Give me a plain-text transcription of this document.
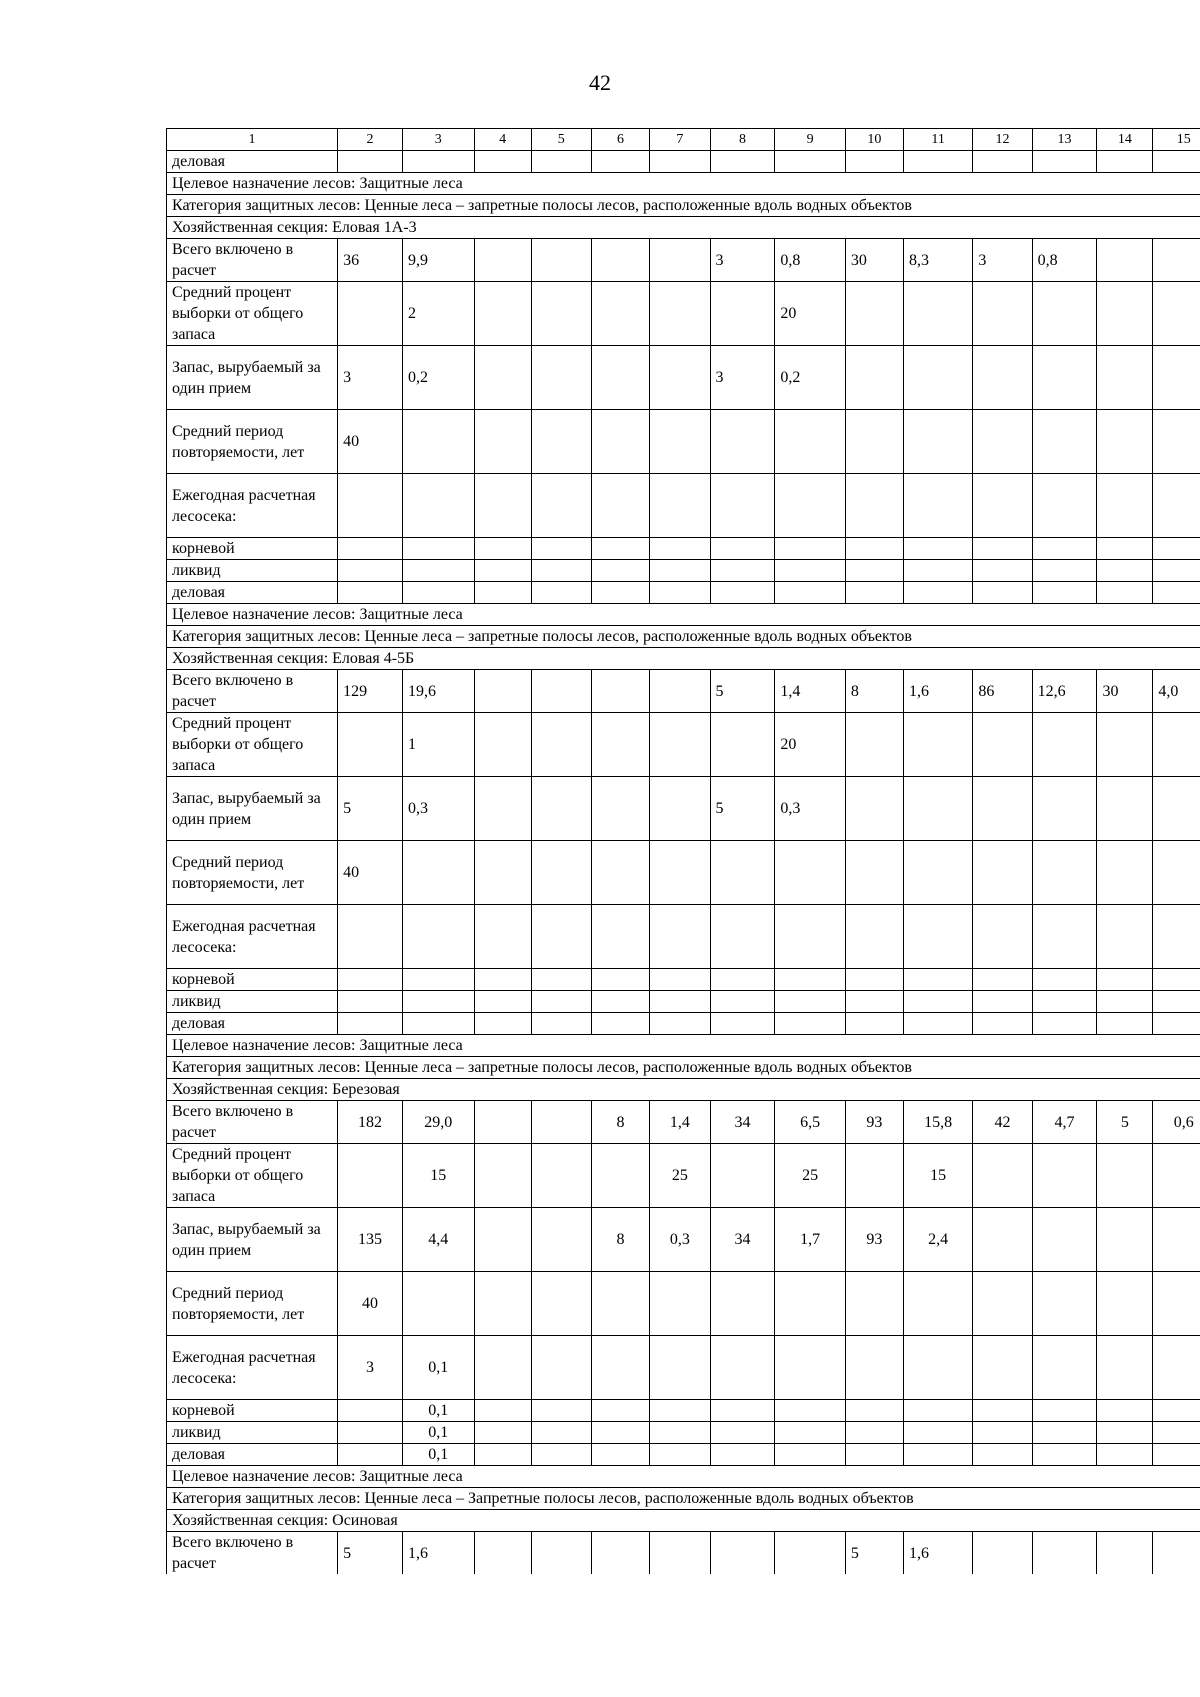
42
1	2	3	4	5	6	7	8	9	10	11	12	13	14	15
деловая														
Целевое назначение лесов: Защитные леса														
Категория защитных лесов: Ценные леса – запретные полосы лесов, расположенные вдоль водных объектов														
Хозяйственная секция: Еловая 1А-3														
Всего включено в расчет	36	9,9					3	0,8	30	8,3	3	0,8		
Средний процент выборки от общего запаса		2						20						
Запас, вырубаемый за один прием	3	0,2					3	0,2						
Средний период повторяемости, лет	40													
Ежегодная расчетная лесосека:														
корневой														
ликвид														
деловая														
Целевое назначение лесов: Защитные леса														
Категория защитных лесов: Ценные леса – запретные полосы лесов, расположенные вдоль водных объектов														
Хозяйственная секция: Еловая 4-5Б														
Всего включено в расчет	129	19,6					5	1,4	8	1,6	86	12,6	30	4,0
Средний процент выборки от общего запаса		1						20						
Запас, вырубаемый за один прием	5	0,3					5	0,3						
Средний период повторяемости, лет	40													
Ежегодная расчетная лесосека:														
корневой														
ликвид														
деловая														
Целевое назначение лесов: Защитные леса														
Категория защитных лесов: Ценные леса – запретные полосы лесов, расположенные вдоль водных объектов														
Хозяйственная секция: Березовая														
Всего включено в расчет	182	29,0			8	1,4	34	6,5	93	15,8	42	4,7	5	0,6
Средний процент выборки от общего запаса		15				25		25		15				
Запас, вырубаемый за один прием	135	4,4			8	0,3	34	1,7	93	2,4				
Средний период повторяемости, лет	40													
Ежегодная расчетная лесосека:	3	0,1												
корневой		0,1												
ликвид		0,1												
деловая		0,1												
Целевое назначение лесов: Защитные леса														
Категория защитных лесов: Ценные леса – Запретные полосы лесов, расположенные вдоль водных объектов														
Хозяйственная секция: Осиновая														
Всего включено в расчет	5	1,6							5	1,6				
